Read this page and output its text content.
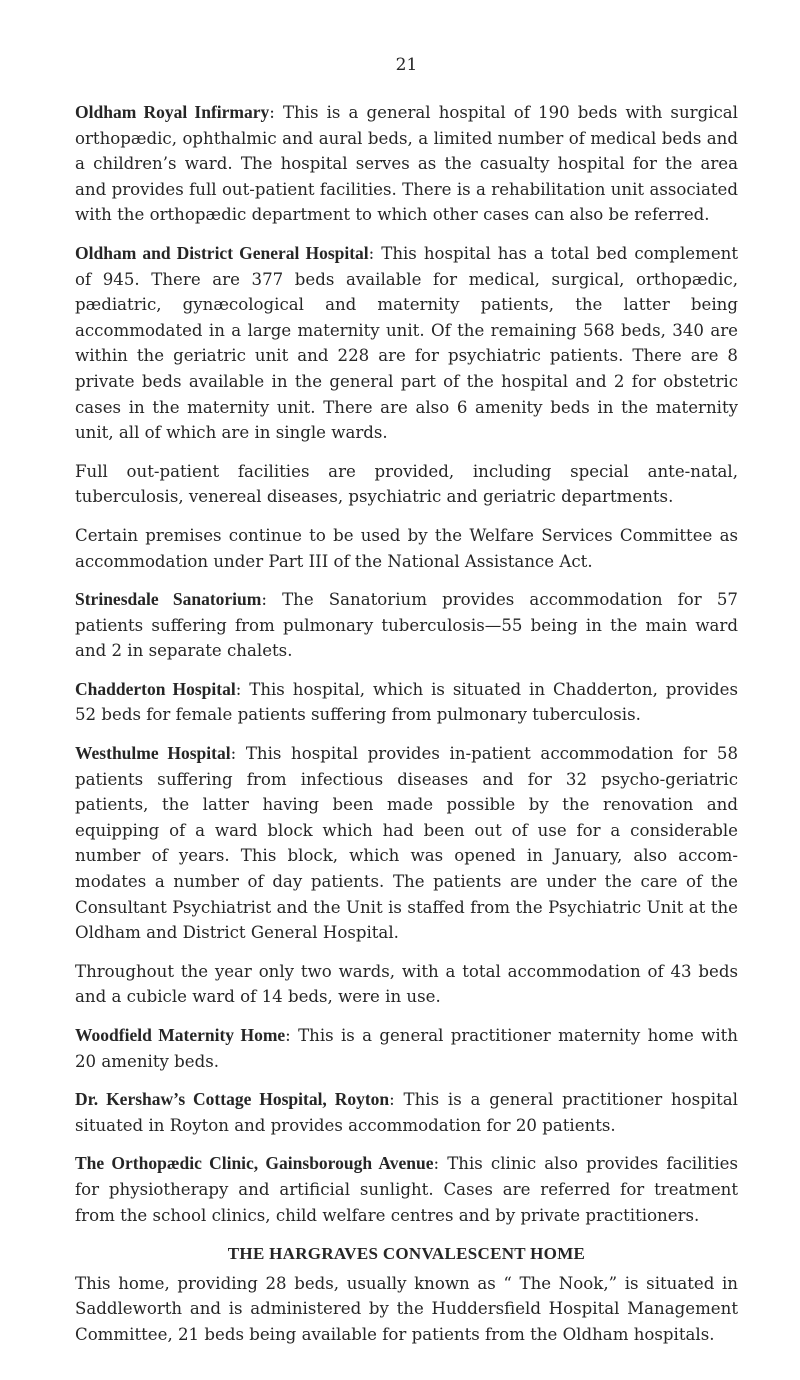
21

Oldham Royal Infirmary: This is a general hospital of 190 beds with surgical orthopædic, ophthalmic and aural beds, a limited number of medical beds and a children’s ward. The hospital serves as the casualty hospital for the area and provides full out-patient facilities. There is a rehabilitation unit associated with the orthopædic department to which other cases can also be referred.

Oldham and District General Hospital: This hospital has a total bed complement of 945. There are 377 beds available for medical, surgical, orthopædic, pædiatric, gynæcological and maternity patients, the latter being accommodated in a large maternity unit. Of the remaining 568 beds, 340 are within the geriatric unit and 228 are for psychiatric patients. There are 8 private beds available in the general part of the hospital and 2 for obstetric cases in the maternity unit. There are also 6 amenity beds in the maternity unit, all of which are in single wards.

Full out-patient facilities are provided, including special ante-natal, tuberculosis, venereal diseases, psychiatric and geriatric departments.

Certain premises continue to be used by the Welfare Services Committee as accommodation under Part III of the National Assistance Act.

Strinesdale Sanatorium: The Sanatorium provides accommodation for 57 patients suffering from pulmonary tuberculosis—55 being in the main ward and 2 in separate chalets.

Chadderton Hospital: This hospital, which is situated in Chadderton, provides 52 beds for female patients suffering from pulmonary tuberculosis.

Westhulme Hospital: This hospital provides in-patient accommodation for 58 patients suffering from infectious diseases and for 32 psycho-geriatric patients, the latter having been made possible by the renovation and equipping of a ward block which had been out of use for a considerable number of years. This block, which was opened in January, also accom-modates a number of day patients. The patients are under the care of the Consultant Psychiatrist and the Unit is staffed from the Psychiatric Unit at the Oldham and District General Hospital.

Throughout the year only two wards, with a total accommodation of 43 beds and a cubicle ward of 14 beds, were in use.

Woodfield Maternity Home: This is a general practitioner maternity home with 20 amenity beds.

Dr. Kershaw’s Cottage Hospital, Royton: This is a general practitioner hospital situated in Royton and provides accommodation for 20 patients.

The Orthopædic Clinic, Gainsborough Avenue: This clinic also provides facilities for physiotherapy and artificial sunlight. Cases are referred for treatment from the school clinics, child welfare centres and by private practitioners.

THE HARGRAVES CONVALESCENT HOME

This home, providing 28 beds, usually known as “ The Nook,” is situated in Saddleworth and is administered by the Huddersfield Hospital Management Committee, 21 beds being available for patients from the Oldham hospitals.
